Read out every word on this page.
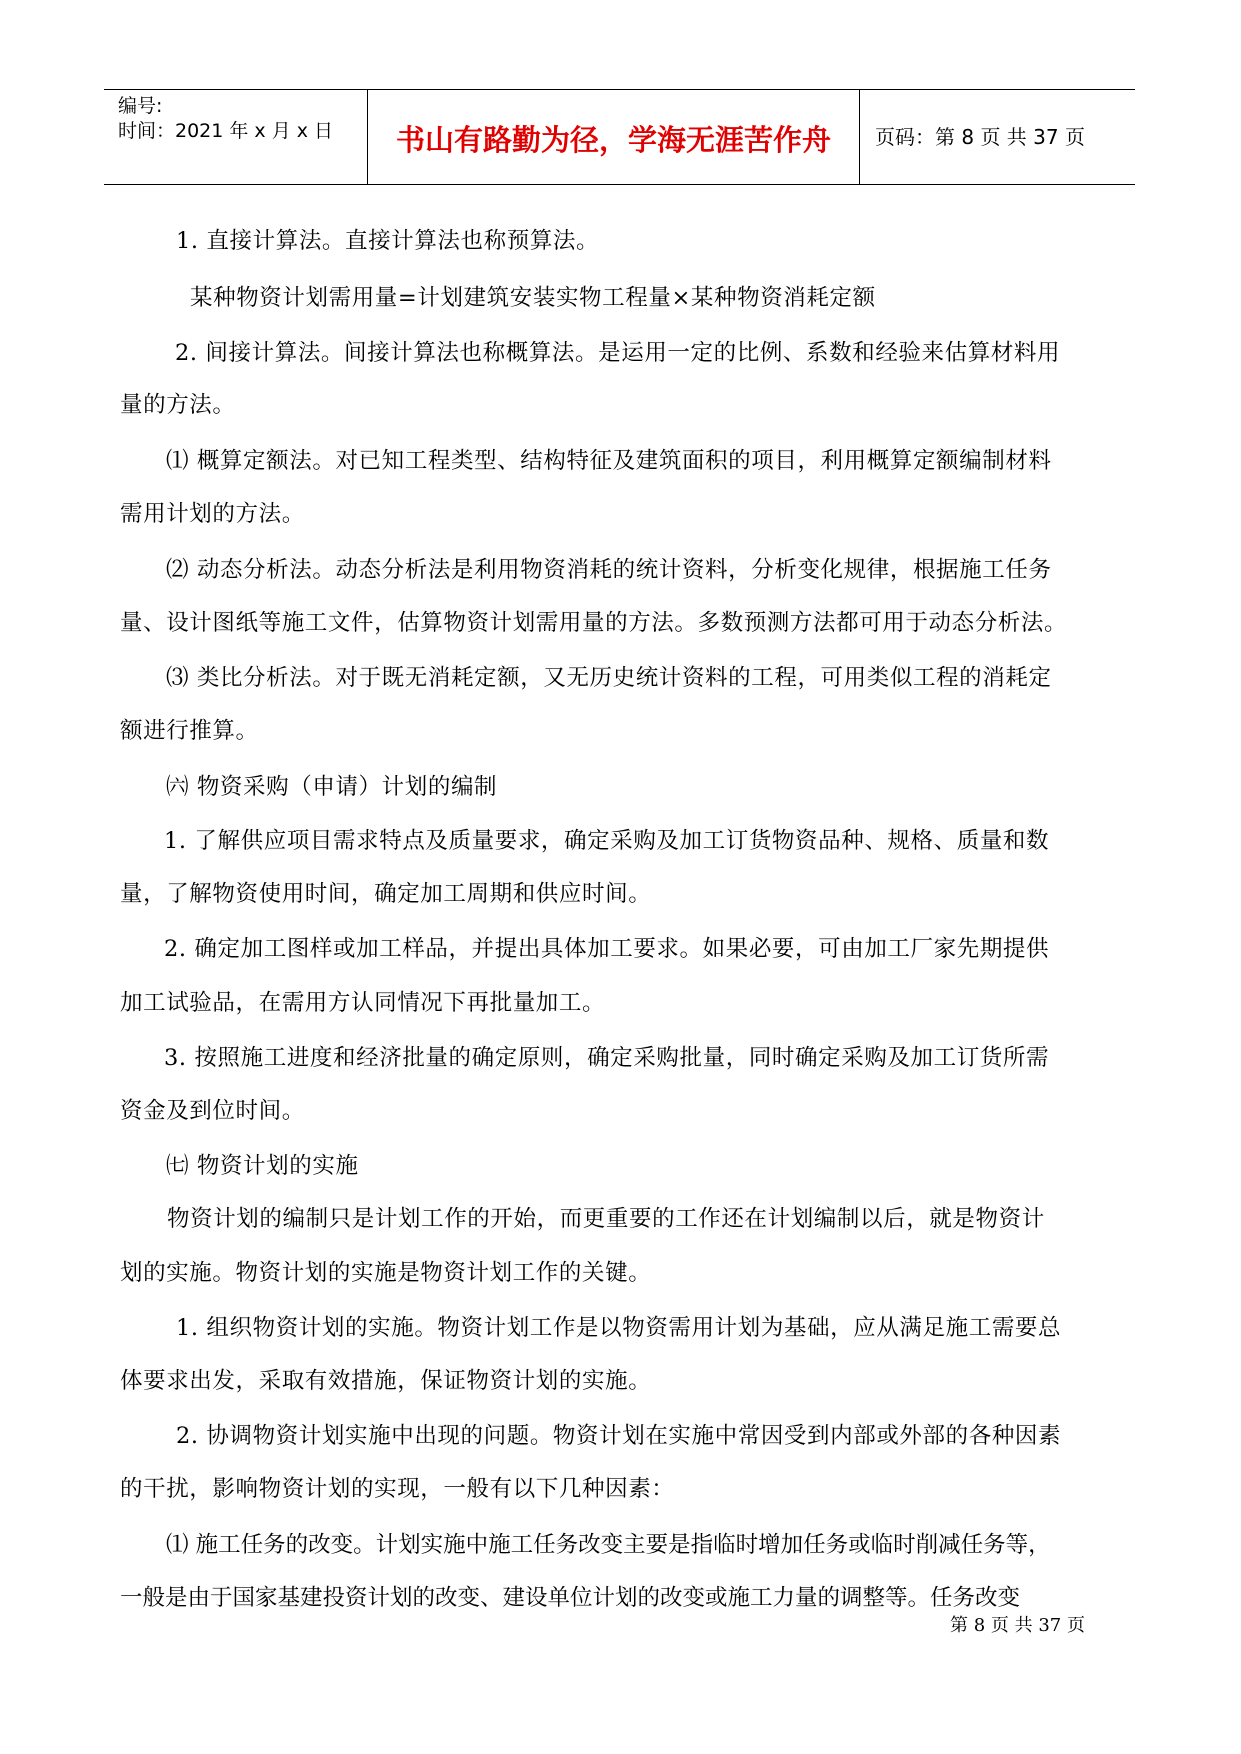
编号:
时间：2021 年 x 月 x 日	书山有路勤为径，学海无涯苦作舟	页码：第 8 页 共 37 页
1. 直接计算法。直接计算法也称预算法。
某种物资计划需用量=计划建筑安装实物工程量×某种物资消耗定额
2. 间接计算法。间接计算法也称概算法。是运用一定的比例、系数和经验来估算材料用
量的方法。
⑴ 概算定额法。对已知工程类型、结构特征及建筑面积的项目，利用概算定额编制材料
需用计划的方法。
⑵ 动态分析法。动态分析法是利用物资消耗的统计资料，分析变化规律，根据施工任务
量、设计图纸等施工文件，估算物资计划需用量的方法。多数预测方法都可用于动态分析法。
⑶ 类比分析法。对于既无消耗定额，又无历史统计资料的工程，可用类似工程的消耗定
额进行推算。
㈥ 物资采购（申请）计划的编制
1. 了解供应项目需求特点及质量要求，确定采购及加工订货物资品种、规格、质量和数
量，了解物资使用时间，确定加工周期和供应时间。
2. 确定加工图样或加工样品，并提出具体加工要求。如果必要，可由加工厂家先期提供
加工试验品，在需用方认同情况下再批量加工。
3. 按照施工进度和经济批量的确定原则，确定采购批量，同时确定采购及加工订货所需
资金及到位时间。
㈦ 物资计划的实施
物资计划的编制只是计划工作的开始，而更重要的工作还在计划编制以后，就是物资计
划的实施。物资计划的实施是物资计划工作的关键。
1. 组织物资计划的实施。物资计划工作是以物资需用计划为基础，应从满足施工需要总
体要求出发，采取有效措施，保证物资计划的实施。
2. 协调物资计划实施中出现的问题。物资计划在实施中常因受到内部或外部的各种因素
的干扰，影响物资计划的实现，一般有以下几种因素：
⑴ 施工任务的改变。计划实施中施工任务改变主要是指临时增加任务或临时削减任务等，
一般是由于国家基建投资计划的改变、建设单位计划的改变或施工力量的调整等。任务改变
第 8 页 共 37 页
